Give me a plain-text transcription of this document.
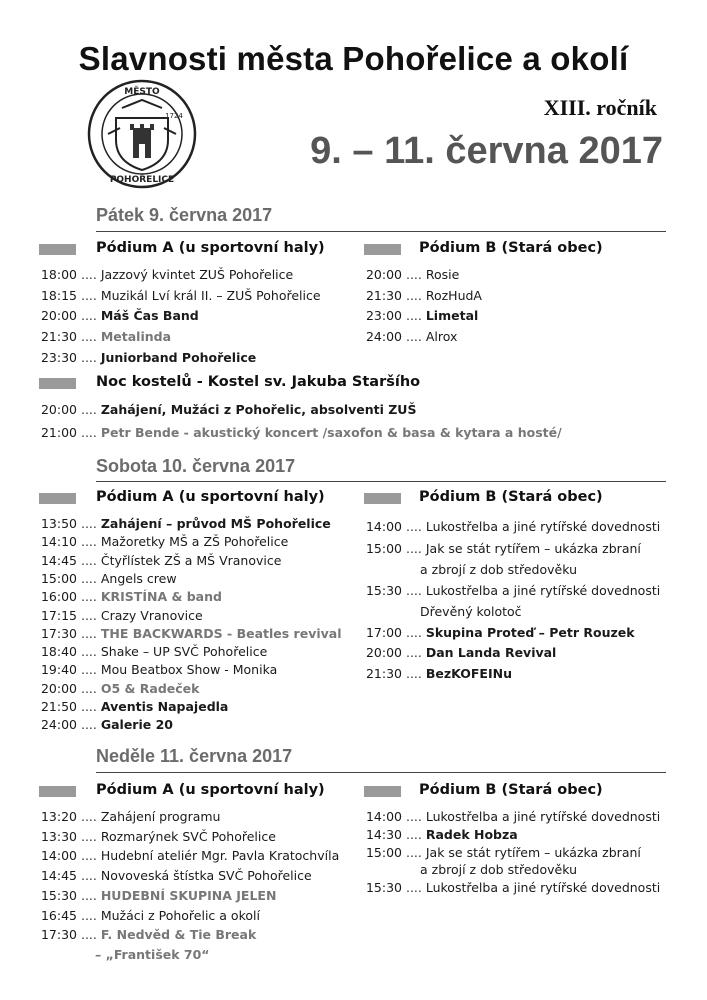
Slavnosti města Pohořelice a okolí
MĚSTO
POHOŘELICE
1724	XIII. ročník
9. – 11. června 2017
Pátek 9. června 2017
Pódium A (u sportovní haly)	Pódium B (Stará obec)
18:00 .... Jazzový kvintet ZUŠ Pohořelice
18:15 .... Muzikál Lví král II. – ZUŠ Pohořelice
20:00 .... Máš Čas Band
21:30 .... Metalinda
23:30 .... Juniorband Pohořelice
20:00 .... Rosie
21:30 .... RozHudA
23:00 .... Limetal
24:00 .... Alrox
Noc kostelů - Kostel sv. Jakuba Staršího
20:00 .... Zahájení, Mužáci z Pohořelic, absolventi ZUŠ
21:00 .... Petr Bende - akustický koncert /saxofon & basa & kytara a hosté/
Sobota 10. června 2017
Pódium A (u sportovní haly)	Pódium B (Stará obec)
13:50 .... Zahájení – průvod MŠ Pohořelice
14:10 .... Mažoretky MŠ a ZŠ Pohořelice
14:45 .... Čtyřlístek ZŠ a MŠ Vranovice
15:00 .... Angels crew
16:00 .... KRISTÍNA & band
17:15 .... Crazy Vranovice
17:30 .... THE BACKWARDS - Beatles revival
18:40 .... Shake – UP SVČ Pohořelice
19:40 .... Mou Beatbox Show - Monika
20:00 .... O5 & Radeček
21:50 .... Aventis Napajedla
24:00 .... Galerie 20
14:00 .... Lukostřelba a jiné rytířské dovednosti
15:00 .... Jak se stát rytířem – ukázka zbraní
a zbrojí z dob středověku
15:30 .... Lukostřelba a jiné rytířské dovednosti
Dřevěný kolotoč
17:00 .... Skupina Proteď – Petr Rouzek
20:00 .... Dan Landa Revival
21:30 .... BezKOFEINu
Neděle 11. června 2017
Pódium A (u sportovní haly)	Pódium B (Stará obec)
13:20 .... Zahájení programu
13:30 .... Rozmarýnek SVČ Pohořelice
14:00 .... Hudební ateliér Mgr. Pavla Kratochvíla
14:45 .... Novoveská štístka SVČ Pohořelice
15:30 .... HUDEBNÍ SKUPINA JELEN
16:45 .... Mužáci z Pohořelic a okolí
17:30 .... F. Nedvěd & Tie Break
– „František 70“
14:00 .... Lukostřelba a jiné rytířské dovednosti
14:30 .... Radek Hobza
15:00 .... Jak se stát rytířem – ukázka zbraní
a zbrojí z dob středověku
15:30 .... Lukostřelba a jiné rytířské dovednosti
